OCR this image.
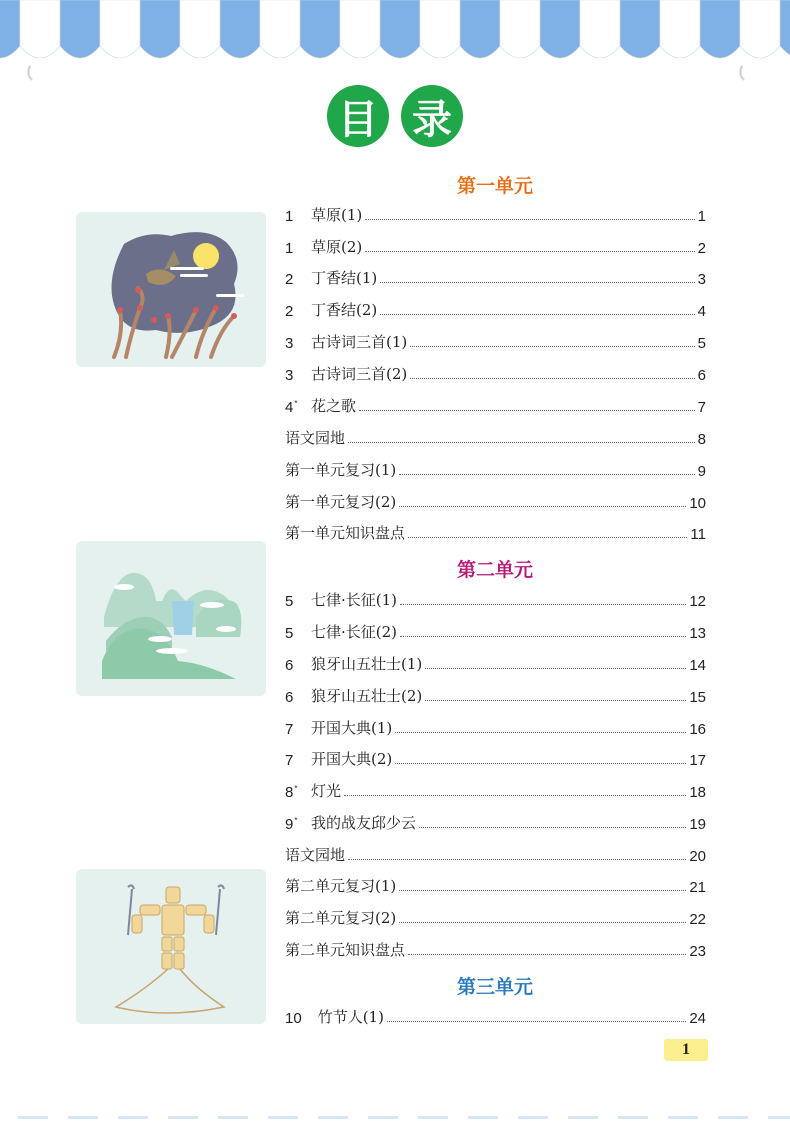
目 录
第一单元
第二单元
第三单元
1	草原(1)	1
1	草原(2)	2
2	丁香结(1)	3
2	丁香结(2)	4
3	古诗词三首(1)	5
3	古诗词三首(2)	6
4* 花之歌	7
语文园地	8
第一单元复习(1)	9
第一单元复习(2)	10
第一单元知识盘点	11
5	七律·长征(1)	12
5	七律·长征(2)	13
6	狼牙山五壮士(1)	14
6	狼牙山五壮士(2)	15
7	开国大典(1)	16
7	开国大典(2)	17
8* 灯光	18
9* 我的战友邱少云	19
语文园地	20
第二单元复习(1)	21
第二单元复习(2)	22
第二单元知识盘点	23
10 竹节人(1)	24
1
